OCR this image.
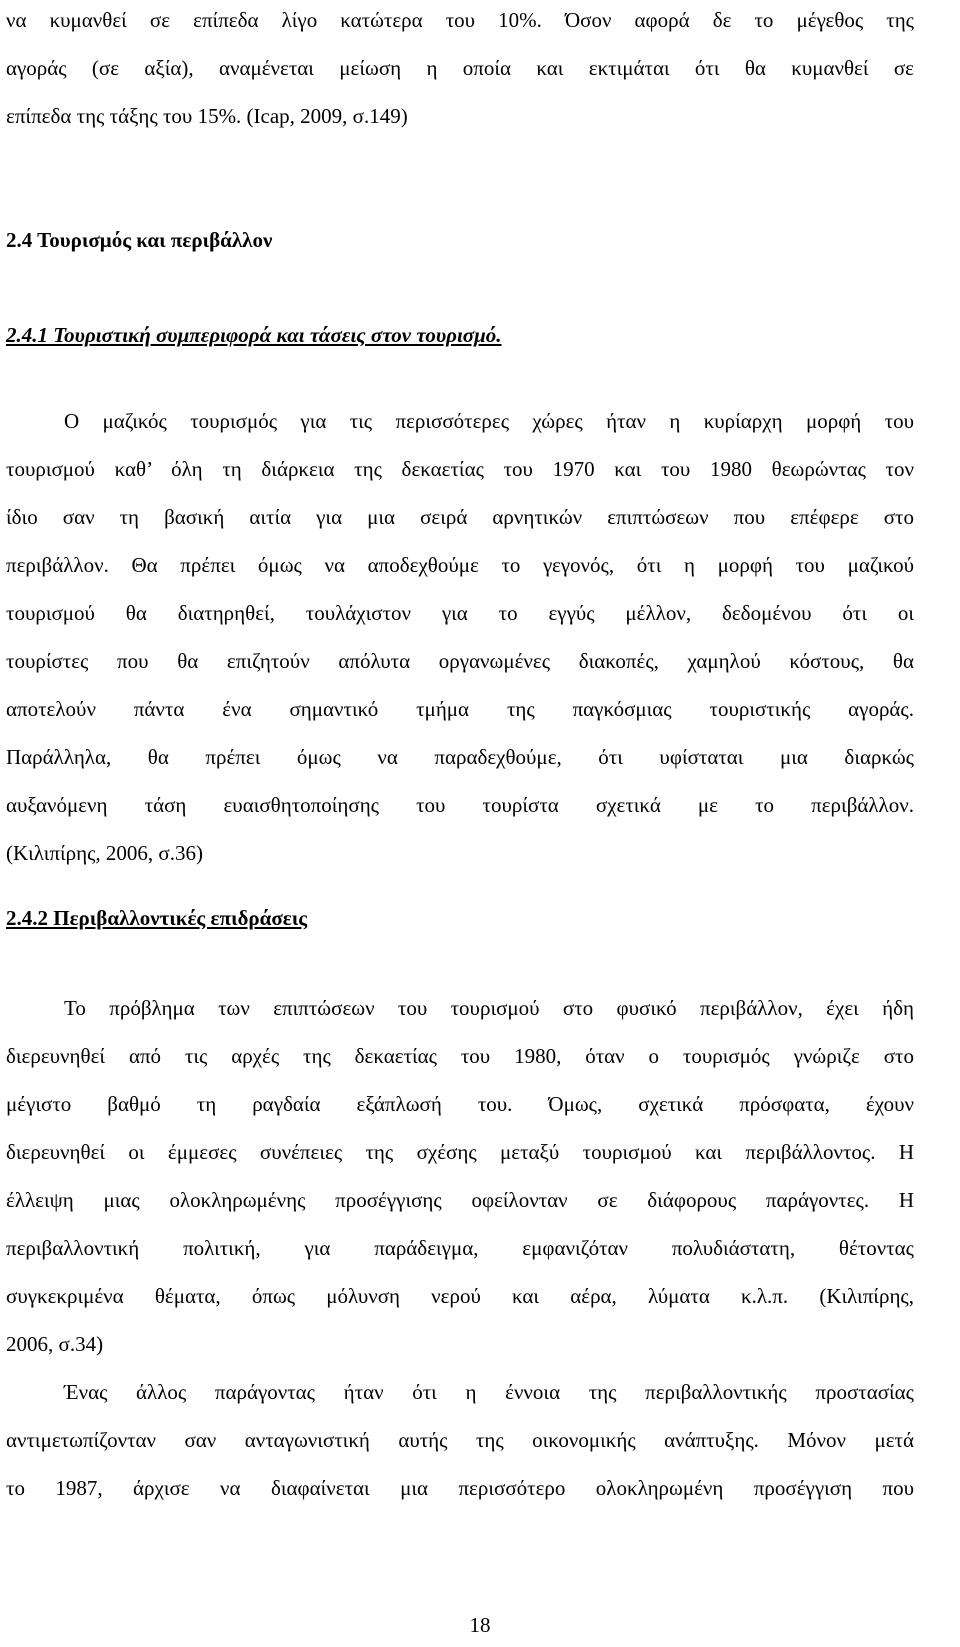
να κυμανθεί σε επίπεδα λίγο κατώτερα του 10%. Όσον αφορά δε το μέγεθος της
αγοράς (σε αξία), αναμένεται μείωση η οποία και εκτιμάται ότι θα κυμανθεί σε
επίπεδα της τάξης του 15%. (Icap, 2009, σ.149)
2.4 Τουρισμός και περιβάλλον
2.4.1 Τουριστική συμπεριφορά και τάσεις στον τουρισμό.
Ο μαζικός τουρισμός για τις περισσότερες χώρες ήταν η κυρίαρχη μορφή του
τουρισμού καθ’ όλη τη διάρκεια της δεκαετίας του 1970 και του 1980 θεωρώντας τον
ίδιο σαν τη βασική αιτία για μια σειρά αρνητικών επιπτώσεων που επέφερε στο
περιβάλλον. Θα πρέπει όμως να αποδεχθούμε το γεγονός, ότι η μορφή του μαζικού
τουρισμού θα διατηρηθεί, τουλάχιστον για το εγγύς μέλλον, δεδομένου ότι οι
τουρίστες που θα επιζητούν απόλυτα οργανωμένες διακοπές, χαμηλού κόστους, θα
αποτελούν πάντα ένα σημαντικό τμήμα της παγκόσμιας τουριστικής αγοράς.
Παράλληλα, θα πρέπει όμως να παραδεχθούμε, ότι υφίσταται μια διαρκώς
αυξανόμενη τάση ευαισθητοποίησης του τουρίστα σχετικά με το περιβάλλον.
(Κιλιπίρης, 2006, σ.36)
2.4.2 Περιβαλλοντικές επιδράσεις
Το πρόβλημα των επιπτώσεων του τουρισμού στο φυσικό περιβάλλον, έχει ήδη
διερευνηθεί από τις αρχές της δεκαετίας του 1980, όταν ο τουρισμός γνώριζε στο
μέγιστο βαθμό τη ραγδαία εξάπλωσή του. Όμως, σχετικά πρόσφατα, έχουν
διερευνηθεί οι έμμεσες συνέπειες της σχέσης μεταξύ τουρισμού και περιβάλλοντος. Η
έλλειψη μιας ολοκληρωμένης προσέγγισης οφείλονταν σε διάφορους παράγοντες. Η
περιβαλλοντική πολιτική, για παράδειγμα, εμφανιζόταν πολυδιάστατη, θέτοντας
συγκεκριμένα θέματα, όπως μόλυνση νερού και αέρα, λύματα κ.λ.π. (Κιλιπίρης,
2006, σ.34)
Ένας άλλος παράγοντας ήταν ότι η έννοια της περιβαλλοντικής προστασίας
αντιμετωπίζονταν σαν ανταγωνιστική αυτής της οικονομικής ανάπτυξης. Μόνον μετά
το 1987, άρχισε να διαφαίνεται μια περισσότερο ολοκληρωμένη προσέγγιση που
18
